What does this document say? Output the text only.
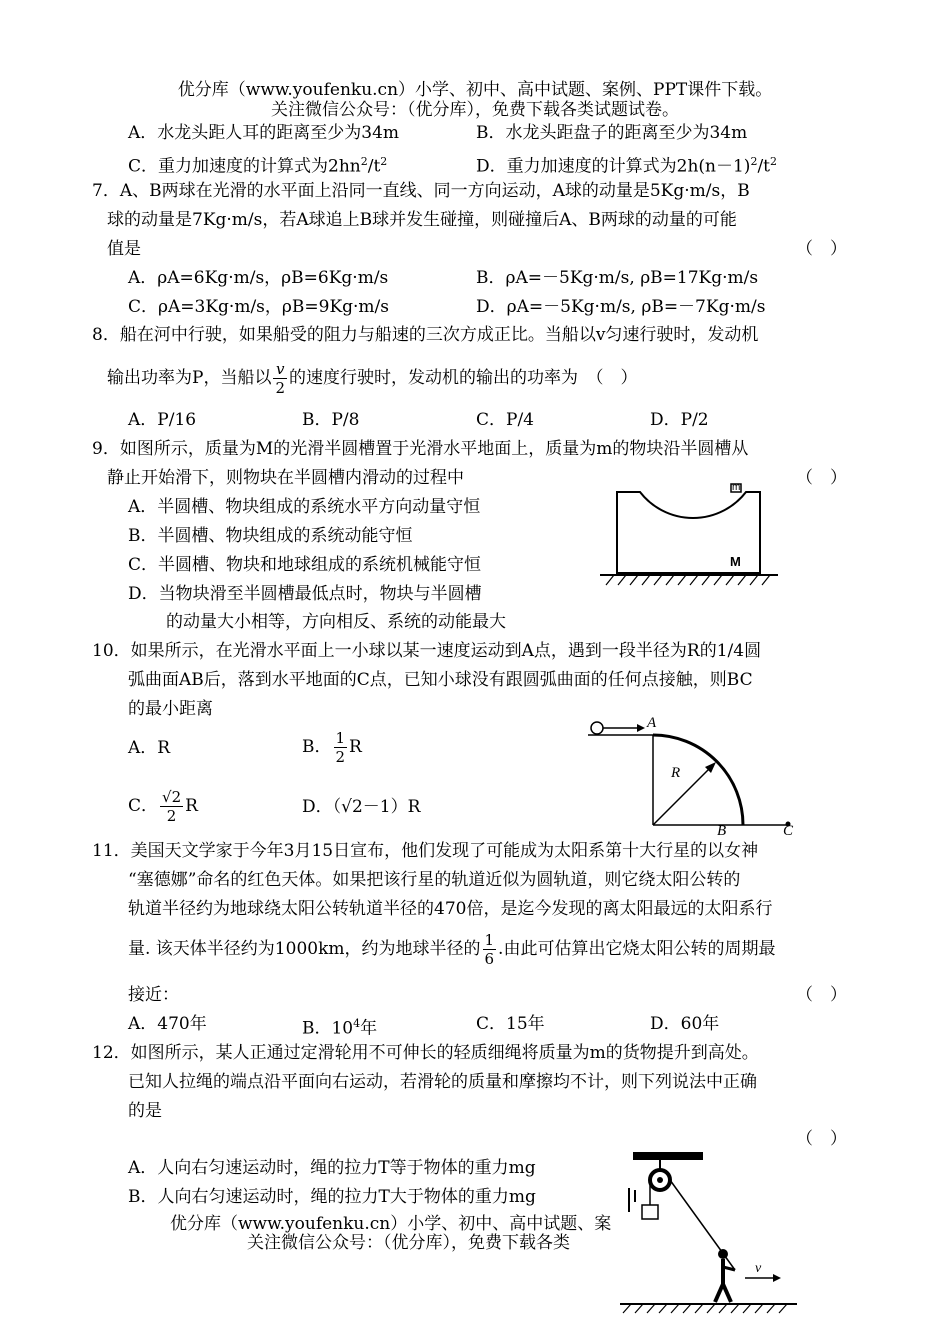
优分库（www.youfenku.cn）小学、初中、高中试题、案例、PPT课件下载。
关注微信公众号：（优分库），免费下载各类试题试卷。
A．水龙头距人耳的距离至少为34m	B．水龙头距盘子的距离至少为34m
C．重力加速度的计算式为$2hn^2/t^2$	D．重力加速度的计算式为$2h(n-1)^2/t^2$
7．A、B两球在光滑的水平面上沿同一直线、同一方向运动，A球的动量是5Kg·m/s，B
球的动量是7Kg·m/s，若A球追上B球并发生碰撞，则碰撞后A、B两球的动量的可能
值是	（　）
A．ρA=6Kg·m/s，ρB=6Kg·m/s	B．ρA=－5Kg·m/s, ρB=17Kg·m/s
C．ρA=3Kg·m/s，ρB=9Kg·m/s	D．ρA=－5Kg·m/s, ρB=－7Kg·m/s
8．船在河中行驶，如果船受的阻力与船速的三次方成正比。当船以v匀速行驶时，发动机
输出功率为P，当船以 $\frac{v}{2}$ 的速度行驶时，发动机的输出的功率为　（　）
A．P/16	B．P/8	C．P/4	D．P/2
9．如图所示，质量为M的光滑半圆槽置于光滑水平地面上，质量为m的物块沿半圆槽从
静止开始滑下，则物块在半圆槽内滑动的过程中	（　）
A．半圆槽、物块组成的系统水平方向动量守恒
B．半圆槽、物块组成的系统动能守恒
C．半圆槽、物块和地球组成的系统机械能守恒
D．当物块滑至半圆槽最低点时，物块与半圆槽
的动量大小相等，方向相反、系统的动能最大
m
M
10．如果所示，在光滑水平面上一小球以某一速度运动到A点，遇到一段半径为R的1/4圆
弧曲面AB后，落到水平地面的C点，已知小球没有跟圆弧曲面的任何点接触，则BC
的最小距离
A．R	B． $\frac{1}{2}$ R
C． $\frac{√2}{2}$ R	D．（√2－1）R
A
R
B	C
11．美国天文学家于今年3月15日宣布，他们发现了可能成为太阳系第十大行星的以女神
“塞德娜”命名的红色天体。如果把该行星的轨道近似为圆轨道，则它绕太阳公转的
轨道半径约为地球绕太阳公转轨道半径的470倍，是迄今发现的离太阳最远的太阳系行
量. 该天体半径约为1000km，约为地球半径的 $\frac{1}{6}$ .由此可估算出它烧太阳公转的周期最
接近：	（　）
A．470年	B．$10^4$年	C．15年	D．60年
12．如图所示，某人正通过定滑轮用不可伸长的轻质细绳将质量为m的货物提升到高处。
已知人拉绳的端点沿平面向右运动，若滑轮的质量和摩擦均不计，则下列说法中正确
的是
（　）
A．人向右匀速运动时，绳的拉力T等于物体的重力mg
B．人向右匀速运动时，绳的拉力T大于物体的重力mg
v
优分库（www.youfenku.cn）小学、初中、高中试题、案
关注微信公众号：（优分库），免费下载各类
